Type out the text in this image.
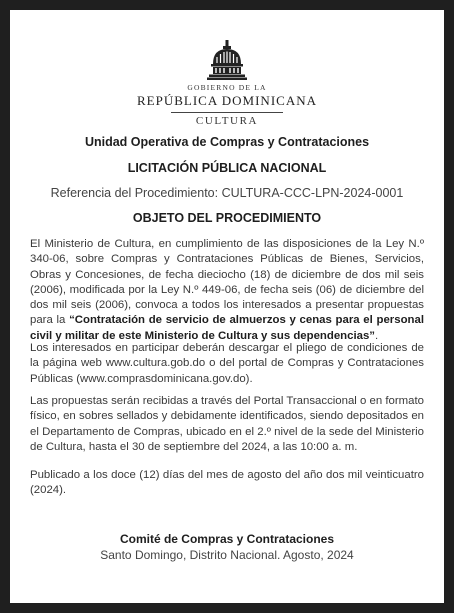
GOBIERNO DE LA
REPÚBLICA DOMINICANA
CULTURA
Unidad Operativa de Compras y Contrataciones
LICITACIÓN PÚBLICA NACIONAL
Referencia del Procedimiento: CULTURA-CCC-LPN-2024-0001
OBJETO DEL PROCEDIMIENTO

El Ministerio de Cultura, en cumplimiento de las disposiciones de la Ley N.º 340-06, sobre Compras y Contrataciones Públicas de Bienes, Servicios, Obras y Concesiones, de fecha dieciocho (18) de diciembre de dos mil seis (2006), modificada por la Ley N.º 449-06, de fecha seis (06) de diciembre del dos mil seis (2006), convoca a todos los interesados a presentar propuestas para la “Contratación de servicio de almuerzos y cenas para el personal civil y militar de este Ministerio de Cultura y sus dependencias”.

Los interesados en participar deberán descargar el pliego de condiciones de la página web www.cultura.gob.do o del portal de Compras y Contrataciones Públicas (www.comprasdominicana.gov.do).

Las propuestas serán recibidas a través del Portal Transaccional o en formato físico, en sobres sellados y debidamente identificados, siendo depositados en el Departamento de Compras, ubicado en el 2.º nivel de la sede del Ministerio de Cultura, hasta el 30 de septiembre del 2024, a las 10:00 a. m.

Publicado a los doce (12) días del mes de agosto del año dos mil veinticuatro (2024).

Comité de Compras y Contrataciones
Santo Domingo, Distrito Nacional. Agosto, 2024
